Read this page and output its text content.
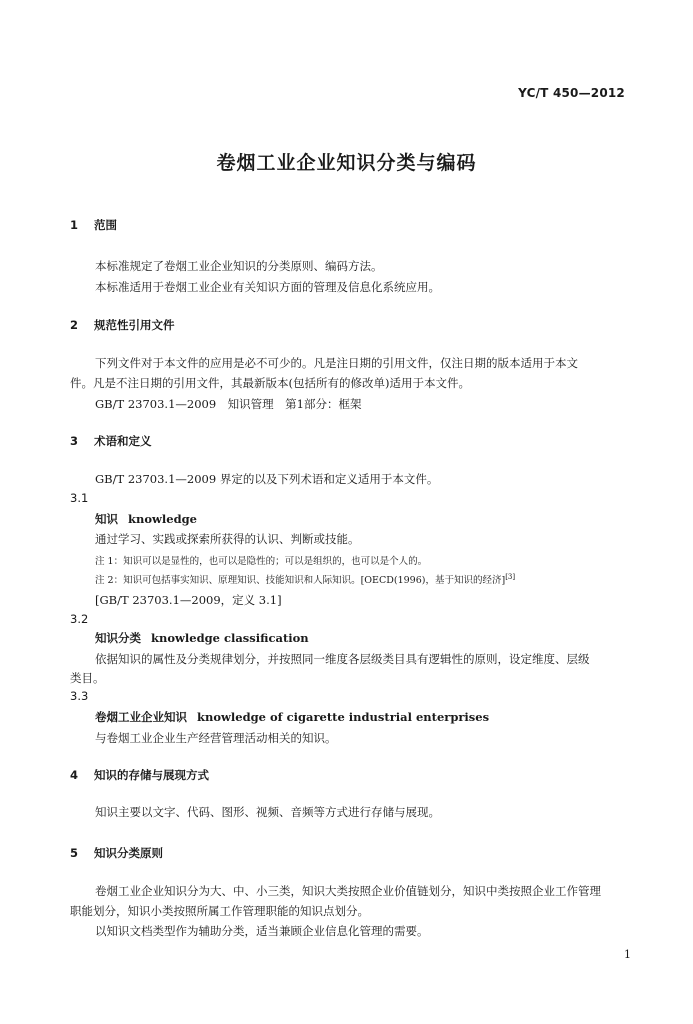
YC/T 450—2012
卷烟工业企业知识分类与编码
1 范围
本标准规定了卷烟工业企业知识的分类原则、编码方法。
本标准适用于卷烟工业企业有关知识方面的管理及信息化系统应用。
2 规范性引用文件
下列文件对于本文件的应用是必不可少的。凡是注日期的引用文件，仅注日期的版本适用于本文
件。凡是不注日期的引用文件，其最新版本(包括所有的修改单)适用于本文件。
GB/T 23703.1—2009　知识管理　第1部分：框架
3 术语和定义
GB/T 23703.1—2009 界定的以及下列术语和定义适用于本文件。
3.1
知识 knowledge
通过学习、实践或探索所获得的认识、判断或技能。
注 1：知识可以是显性的，也可以是隐性的；可以是组织的，也可以是个人的。
注 2：知识可包括事实知识、原理知识、技能知识和人际知识。[OECD(1996)，基于知识的经济][3]
[GB/T 23703.1—2009，定义 3.1]
3.2
知识分类 knowledge classification
依据知识的属性及分类规律划分，并按照同一维度各层级类目具有逻辑性的原则，设定维度、层级
类目。
3.3
卷烟工业企业知识 knowledge of cigarette industrial enterprises
与卷烟工业企业生产经营管理活动相关的知识。
4 知识的存储与展现方式
知识主要以文字、代码、图形、视频、音频等方式进行存储与展现。
5 知识分类原则
卷烟工业企业知识分为大、中、小三类，知识大类按照企业价值链划分，知识中类按照企业工作管理
职能划分，知识小类按照所属工作管理职能的知识点划分。
以知识文档类型作为辅助分类，适当兼顾企业信息化管理的需要。
1
